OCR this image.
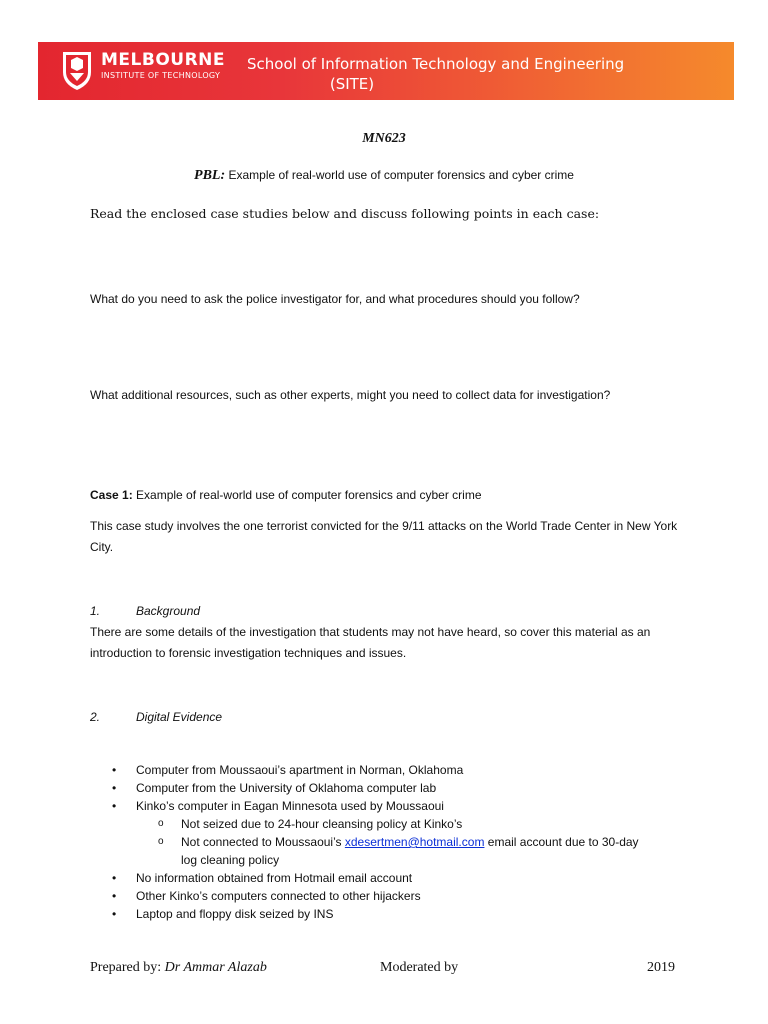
MELBOURNE
INSTITUTE OF TECHNOLOGY
School of Information Technology and Engineering
(SITE)
MN623
PBL: Example of real-world use of computer forensics and cyber crime
Read the enclosed case studies below and discuss following points in each case:
What do you need to ask the police investigator for, and what procedures should you follow?
What additional resources, such as other experts, might you need to collect data for investigation?
Case 1: Example of real-world use of computer forensics and cyber crime
This case study involves the one terrorist convicted for the 9/11 attacks on the World Trade Center in New York City.
1.	Background
There are some details of the investigation that students may not have heard, so cover this material as an introduction to forensic investigation techniques and issues.
2.	Digital Evidence
• Computer from Moussaoui’s apartment in Norman, Oklahoma
• Computer from the University of Oklahoma computer lab
• Kinko’s computer in Eagan Minnesota used by Moussaoui
o Not seized due to 24-hour cleansing policy at Kinko’s
o Not connected to Moussaoui’s xdesertmen@hotmail.com email account due to 30-day
log cleaning policy
• No information obtained from Hotmail email account
• Other Kinko’s computers connected to other hijackers
• Laptop and floppy disk seized by INS
Prepared by: Dr Ammar Alazab	Moderated by	2019
